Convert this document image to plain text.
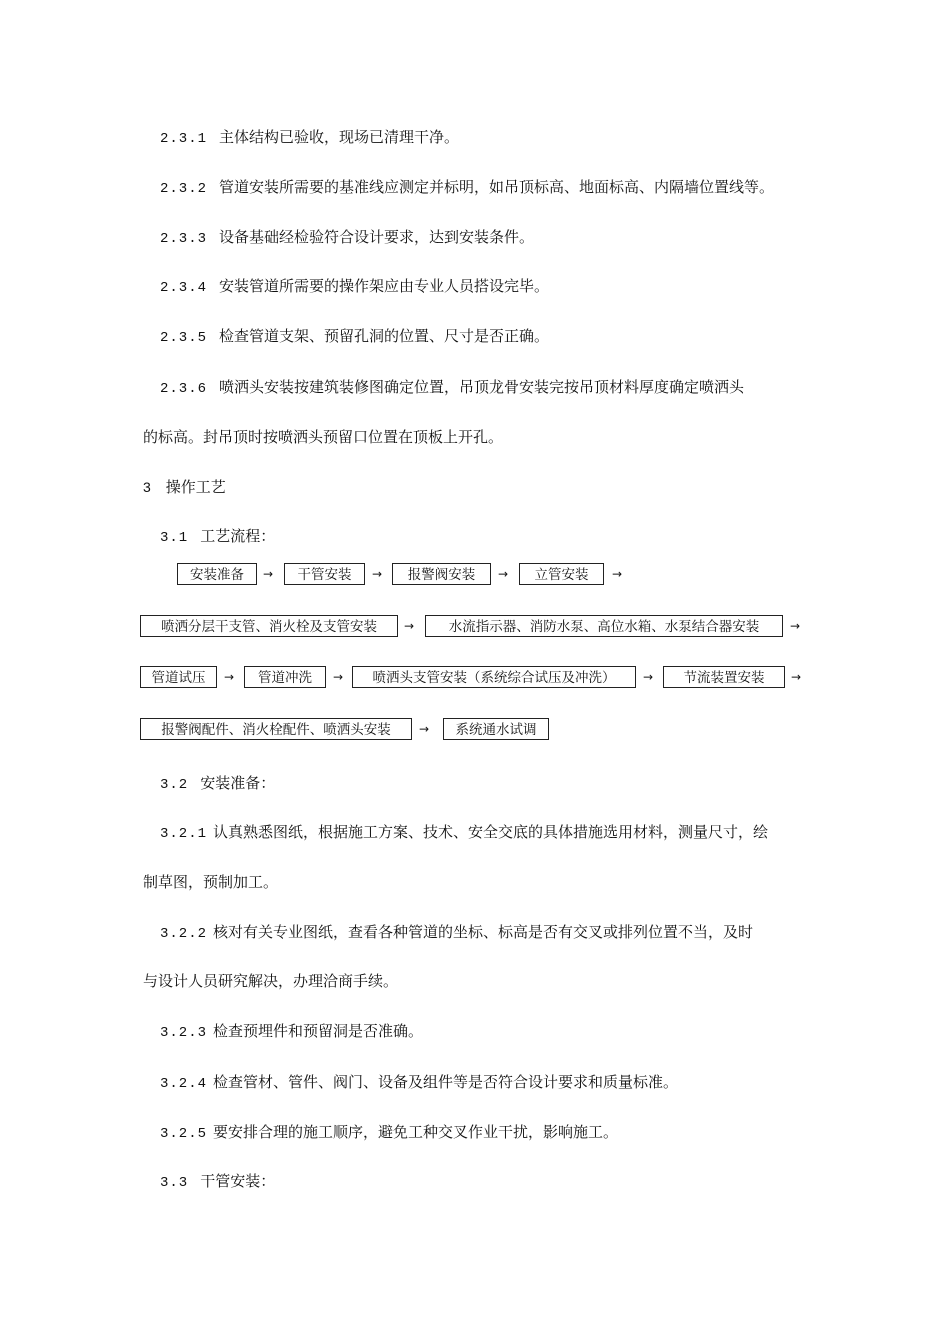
2.3.1 主体结构已验收，现场已清理干净。
2.3.2 管道安装所需要的基准线应测定并标明，如吊顶标高、地面标高、内隔墙位置线等。
2.3.3 设备基础经检验符合设计要求，达到安装条件。
2.3.4 安装管道所需要的操作架应由专业人员搭设完毕。
2.3.5 检查管道支架、预留孔洞的位置、尺寸是否正确。
2.3.6 喷洒头安装按建筑装修图确定位置，吊顶龙骨安装完按吊顶材料厚度确定喷洒头
的标高。封吊顶时按喷洒头预留口位置在顶板上开孔。
3 操作工艺
3.1 工艺流程：
安装准备	→	干管安装	→	报警阀安装	→	立管安装	→
喷洒分层干支管、消火栓及支管安装	→	水流指示器、消防水泵、高位水箱、水泵结合器安装	→
管道试压	→	管道冲洗	→	喷洒头支管安装（系统综合试压及冲洗）	→	节流装置安装	→
报警阀配件、消火栓配件、喷洒头安装	→	系统通水试调
3.2 安装准备：
3.2.1 认真熟悉图纸，根据施工方案、技术、安全交底的具体措施选用材料，测量尺寸，绘
制草图，预制加工。
3.2.2 核对有关专业图纸，查看各种管道的坐标、标高是否有交叉或排列位置不当，及时
与设计人员研究解决，办理洽商手续。
3.2.3 检查预埋件和预留洞是否准确。
3.2.4 检查管材、管件、阀门、设备及组件等是否符合设计要求和质量标准。
3.2.5 要安排合理的施工顺序，避免工种交叉作业干扰，影响施工。
3.3 干管安装：
